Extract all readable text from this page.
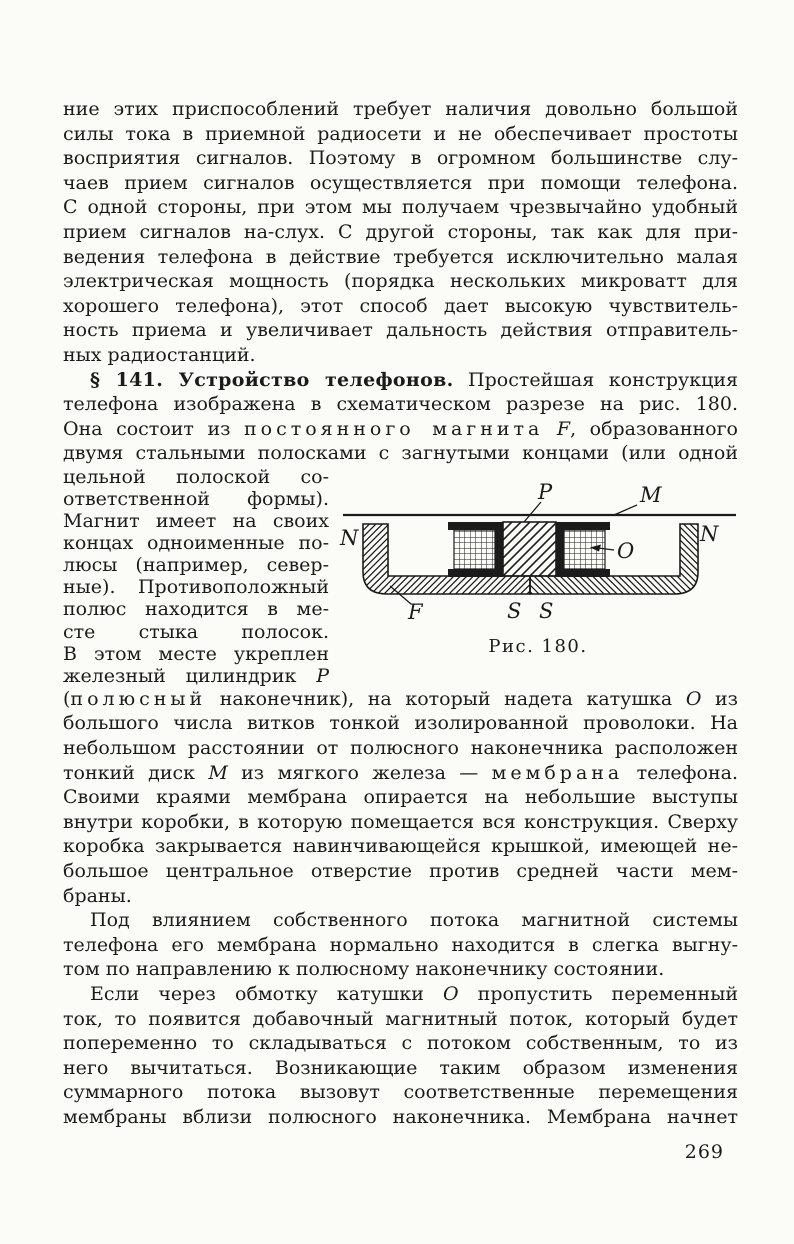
ние этих приспособлений требует наличия довольно большой
силы тока в приемной радиосети и не обеспечивает простоты
восприятия сигналов. Поэтому в огромном большинстве слу-
чаев прием сигналов осуществляется при помощи телефона.
С одной стороны, при этом мы получаем чрезвычайно удобный
прием сигналов на-слух. С другой стороны, так как для при-
ведения телефона в действие требуется исключительно малая
электрическая мощность (порядка нескольких микроватт для
хорошего телефона), этот способ дает высокую чувствитель-
ность приема и увеличивает дальность действия отправитель-
ных радиостанций.
§ 141. Устройство телефонов. Простейшая конструкция
телефона изображена в схематическом разрезе на рис. 180.
Она состоит из постоянного магнита F, образованного
двумя стальными полосками с загнутыми концами (или одной
цельной полоской со-
ответственной формы).
Магнит имеет на своих
концах одноименные по-
люсы (например, север-
ные). Противоположный
полюс находится в ме-
сте стыка полосок.
В этом месте укреплен
железный цилиндрик P
N	N
P	M
O
F	S S
Рис. 180.
(полюсный наконечник), на который надета катушка O из
большого числа витков тонкой изолированной проволоки. На
небольшом расстоянии от полюсного наконечника расположен
тонкий диск M из мягкого железа — мембрана телефона.
Своими краями мембрана опирается на небольшие выступы
внутри коробки, в которую помещается вся конструкция. Сверху
коробка закрывается навинчивающейся крышкой, имеющей не-
большое центральное отверстие против средней части мем-
браны.
Под влиянием собственного потока магнитной системы
телефона его мембрана нормально находится в слегка выгну-
том по направлению к полюсному наконечнику состоянии.
Если через обмотку катушки O пропустить переменный
ток, то появится добавочный магнитный поток, который будет
попеременно то складываться с потоком собственным, то из
него вычитаться. Возникающие таким образом изменения
суммарного потока вызовут соответственные перемещения
мембраны вблизи полюсного наконечника. Мембрана начнет
269
